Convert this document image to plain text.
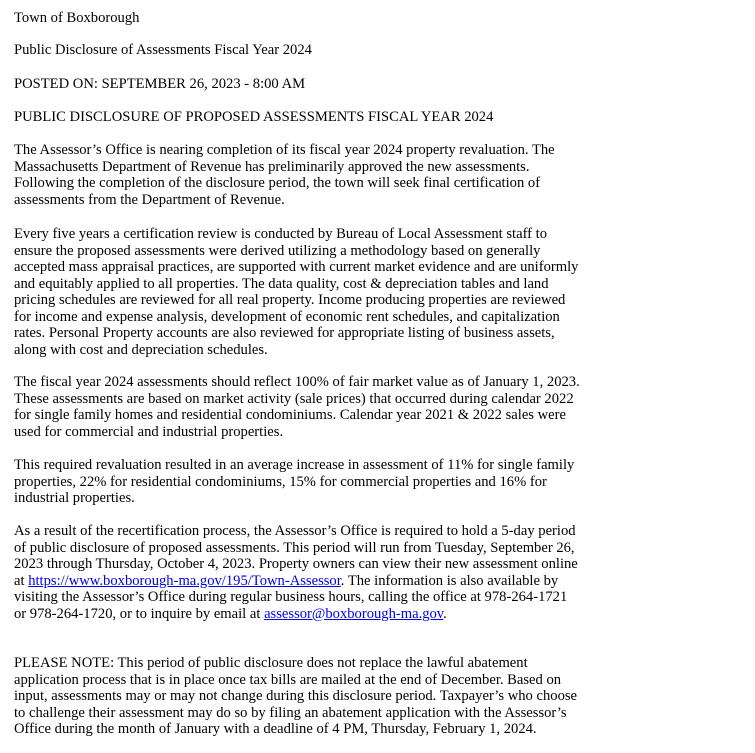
Town of Boxborough

Public Disclosure of Assessments Fiscal Year 2024

POSTED ON: SEPTEMBER 26, 2023 - 8:00 AM

PUBLIC DISCLOSURE OF PROPOSED ASSESSMENTS FISCAL YEAR 2024

The Assessor’s Office is nearing completion of its fiscal year 2024 property revaluation. The
Massachusetts Department of Revenue has preliminarily approved the new assessments.
Following the completion of the disclosure period, the town will seek final certification of
assessments from the Department of Revenue.
Every five years a certification review is conducted by Bureau of Local Assessment staff to
ensure the proposed assessments were derived utilizing a methodology based on generally
accepted mass appraisal practices, are supported with current market evidence and are uniformly
and equitably applied to all properties. The data quality, cost & depreciation tables and land
pricing schedules are reviewed for all real property. Income producing properties are reviewed
for income and expense analysis, development of economic rent schedules, and capitalization
rates. Personal Property accounts are also reviewed for appropriate listing of business assets,
along with cost and depreciation schedules.
The fiscal year 2024 assessments should reflect 100% of fair market value as of January 1, 2023.
These assessments are based on market activity (sale prices) that occurred during calendar 2022
for single family homes and residential condominiums. Calendar year 2021 & 2022 sales were
used for commercial and industrial properties.
This required revaluation resulted in an average increase in assessment of 11% for single family
properties, 22% for residential condominiums, 15% for commercial properties and 16% for
industrial properties.
As a result of the recertification process, the Assessor’s Office is required to hold a 5-day period
of public disclosure of proposed assessments. This period will run from Tuesday, September 26,
2023 through Thursday, October 4, 2023. Property owners can view their new assessment online
at https://www.boxborough-ma.gov/195/Town-Assessor. The information is also available by
visiting the Assessor’s Office during regular business hours, calling the office at 978-264-1721
or 978-264-1720, or to inquire by email at assessor@boxborough-ma.gov.
PLEASE NOTE: This period of public disclosure does not replace the lawful abatement
application process that is in place once tax bills are mailed at the end of December. Based on
input, assessments may or may not change during this disclosure period. Taxpayer’s who choose
to challenge their assessment may do so by filing an abatement application with the Assessor’s
Office during the month of January with a deadline of 4 PM, Thursday, February 1, 2024.
